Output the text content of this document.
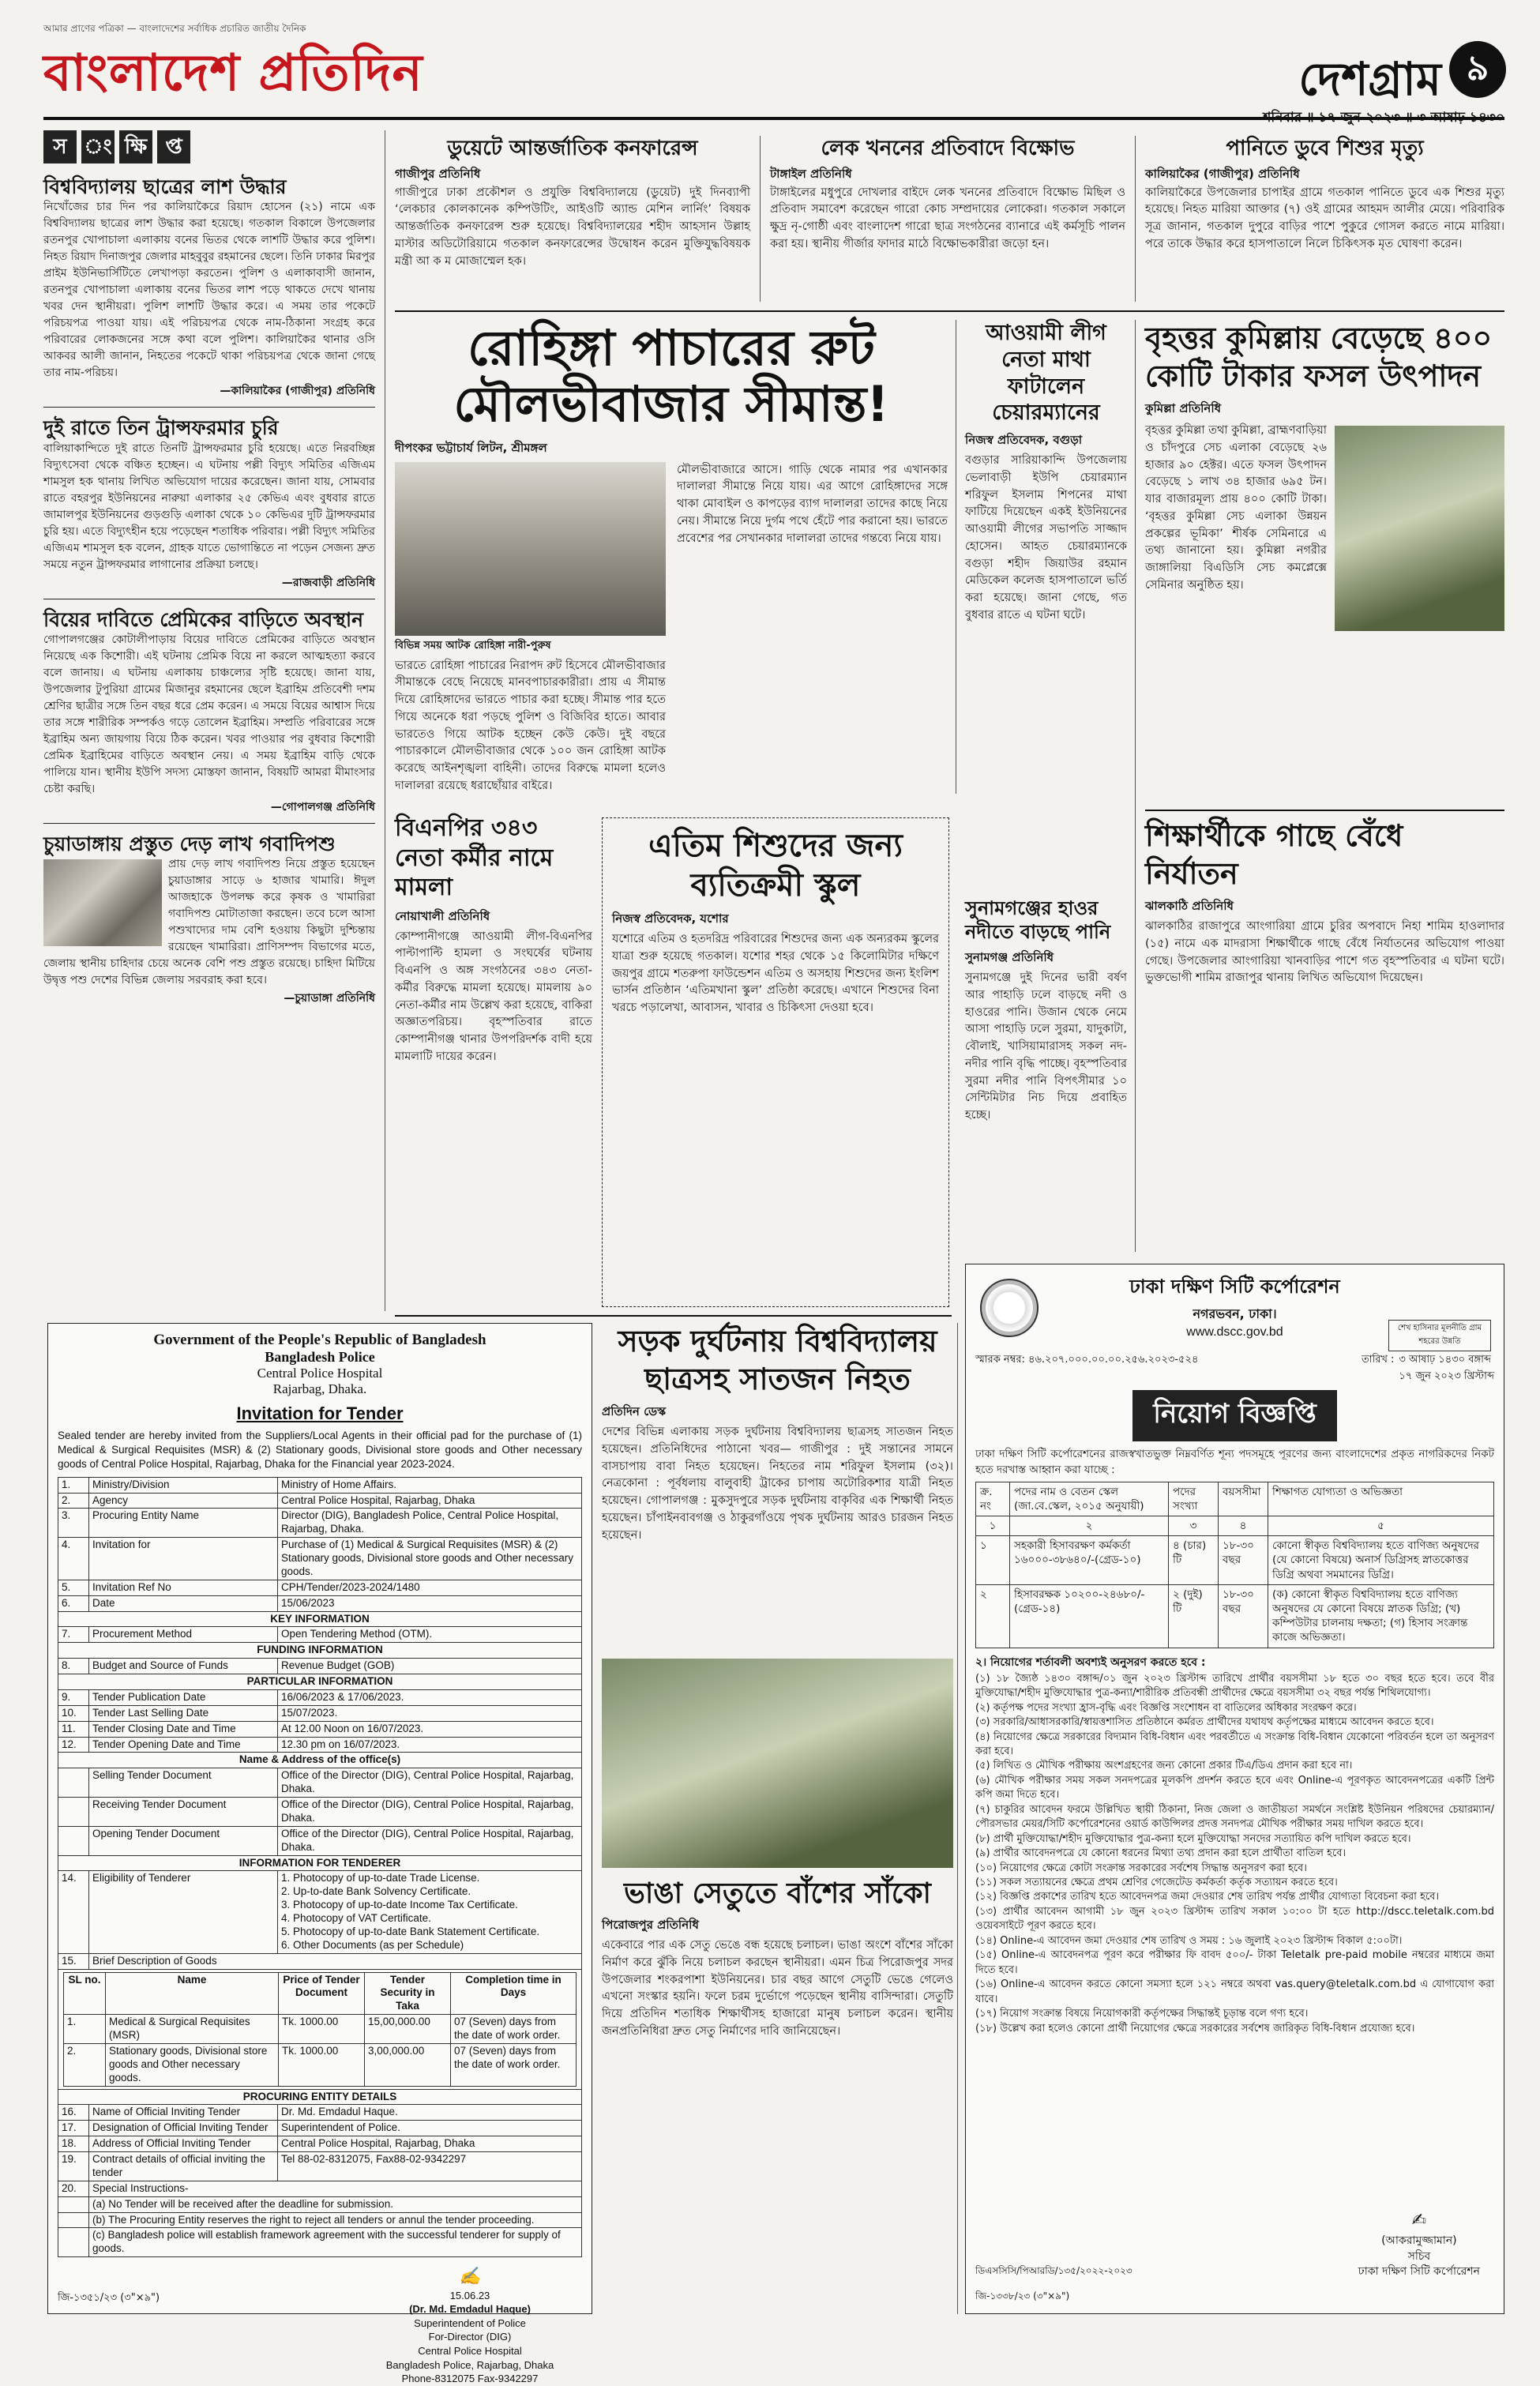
আমার প্রাণের পত্রিকা — বাংলাদেশের সর্বাধিক প্রচারিত জাতীয় দৈনিক
বাংলাদেশ প্রতিদিন	দেশগ্রাম ৯
স ং ক্ষি প্ত
বিশ্ববিদ্যালয় ছাত্রের লাশ উদ্ধার
নিখোঁজের চার দিন পর কালিয়াকৈরে রিয়াদ হোসেন (২১) নামে এক বিশ্ববিদ্যালয় ছাত্রের লাশ উদ্ধার করা হয়েছে। গতকাল বিকালে উপজেলার রতনপুর খোপাচালা এলাকায় বনের ভিতর থেকে লাশটি উদ্ধার করে পুলিশ। নিহত রিয়াদ দিনাজপুর জেলার মাহবুবুর রহমানের ছেলে। তিনি ঢাকার মিরপুর প্রাইম ইউনিভার্সিটিতে লেখাপড়া করতেন। পুলিশ ও এলাকাবাসী জানান, রতনপুর খোপাচালা এলাকায় বনের ভিতর লাশ পড়ে থাকতে দেখে থানায় খবর দেন স্থানীয়রা। পুলিশ লাশটি উদ্ধার করে। এ সময় তার পকেটে পরিচয়পত্র পাওয়া যায়। এই পরিচয়পত্র থেকে নাম-ঠিকানা সংগ্রহ করে পরিবারের লোকজনের সঙ্গে কথা বলে পুলিশ। কালিয়াকৈর থানার ওসি আকবর আলী জানান, নিহতের পকেটে থাকা পরিচয়পত্র থেকে জানা গেছে তার নাম-পরিচয়।
—কালিয়াকৈর (গাজীপুর) প্রতিনিধি
দুই রাতে তিন ট্রান্সফরমার চুরি
বালিয়াকান্দিতে দুই রাতে তিনটি ট্রান্সফরমার চুরি হয়েছে। এতে নিরবচ্ছিন্ন বিদ্যুৎসেবা থেকে বঞ্চিত হচ্ছেন। এ ঘটনায় পল্লী বিদ্যুৎ সমিতির এজিএম শামসুল হক থানায় লিখিত অভিযোগ দায়ের করেছেন। জানা যায়, সোমবার রাতে বহরপুর ইউনিয়নের নারুয়া এলাকার ২৫ কেভিএ এবং বুধবার রাতে জামালপুর ইউনিয়নের গুড়গুড়ি এলাকা থেকে ১০ কেভিএর দুটি ট্রান্সফরমার চুরি হয়। এতে বিদ্যুৎহীন হয়ে পড়েছেন শতাধিক পরিবার। পল্লী বিদ্যুৎ সমিতির এজিএম শামসুল হক বলেন, গ্রাহক যাতে ভোগান্তিতে না পড়েন সেজন্য দ্রুত সময়ে নতুন ট্রান্সফরমার লাগানোর প্রক্রিয়া চলছে।
—রাজবাড়ী প্রতিনিধি
বিয়ের দাবিতে প্রেমিকের বাড়িতে অবস্থান
গোপালগঞ্জের কোটালীপাড়ায় বিয়ের দাবিতে প্রেমিকের বাড়িতে অবস্থান নিয়েছে এক কিশোরী। এই ঘটনায় প্রেমিক বিয়ে না করলে আত্মহত্যা করবে বলে জানায়। এ ঘটনায় এলাকায় চাঞ্চল্যের সৃষ্টি হয়েছে। জানা যায়, উপজেলার টুপুরিয়া গ্রামের মিজানুর রহমানের ছেলে ইব্রাহিম প্রতিবেশী দশম শ্রেণির ছাত্রীর সঙ্গে তিন বছর ধরে প্রেম করেন। এ সময়ে বিয়ের আশ্বাস দিয়ে তার সঙ্গে শারীরিক সম্পর্কও গড়ে তোলেন ইব্রাহিম। সম্প্রতি পরিবারের সঙ্গে ইব্রাহিম অন্য জায়গায় বিয়ে ঠিক করেন। খবর পাওয়ার পর বুধবার কিশোরী প্রেমিক ইব্রাহিমের বাড়িতে অবস্থান নেয়। এ সময় ইব্রাহিম বাড়ি থেকে পালিয়ে যান। স্থানীয় ইউপি সদস্য মোস্তফা জানান, বিষয়টি আমরা মীমাংসার চেষ্টা করছি।
—গোপালগঞ্জ প্রতিনিধি
চুয়াডাঙ্গায় প্রস্তুত দেড় লাখ গবাদিপশু
প্রায় দেড় লাখ গবাদিপশু নিয়ে প্রস্তুত হয়েছেন চুয়াডাঙ্গার সাড়ে ৬ হাজার খামারি। ঈদুল আজহাকে উপলক্ষ করে কৃষক ও খামারিরা গবাদিপশু মোটাতাজা করছেন। তবে চলে আসা পশুখাদ্যের দাম বেশি হওয়ায় কিছুটা দুশ্চিন্তায় রয়েছেন খামারিরা। প্রাণিসম্পদ বিভাগের মতে, জেলায় স্থানীয় চাহিদার চেয়ে অনেক বেশি পশু প্রস্তুত রয়েছে। চাহিদা মিটিয়ে উদ্বৃত্ত পশু দেশের বিভিন্ন জেলায় সরবরাহ করা হবে।
—চুয়াডাঙ্গা প্রতিনিধি
ডুয়েটে আন্তর্জাতিক কনফারেন্স
গাজীপুর প্রতিনিধি
গাজীপুরে ঢাকা প্রকৌশল ও প্রযুক্তি বিশ্ববিদ্যালয়ে (ডুয়েট) দুই দিনব্যাপী ‘লেকচার কোলকানেক কম্পিউটিং, আইওটি অ্যান্ড মেশিন লার্নিং’ বিষয়ক আন্তর্জাতিক কনফারেন্স শুরু হয়েছে। বিশ্ববিদ্যালয়ের শহীদ আহসান উল্লাহ মাস্টার অডিটোরিয়ামে গতকাল কনফারেন্সের উদ্বোধন করেন মুক্তিযুদ্ধবিষয়ক মন্ত্রী আ ক ম মোজাম্মেল হক।
লেক খননের প্রতিবাদে বিক্ষোভ
টাঙ্গাইল প্রতিনিধি
টাঙ্গাইলের মধুপুরে দোখলার বাইদে লেক খননের প্রতিবাদে বিক্ষোভ মিছিল ও প্রতিবাদ সমাবেশ করেছেন গারো কোচ সম্প্রদায়ের লোকেরা। গতকাল সকালে ক্ষুদ্র নৃ-গোষ্ঠী এবং বাংলাদেশ গারো ছাত্র সংগঠনের ব্যানারে এই কর্মসূচি পালন করা হয়। স্থানীয় গীর্জার ফাদার মাঠে বিক্ষোভকারীরা জড়ো হন।
পানিতে ডুবে শিশুর মৃত্যু
কালিয়াকৈর (গাজীপুর) প্রতিনিধি
কালিয়াকৈরে উপজেলার চাপাইর গ্রামে গতকাল পানিতে ডুবে এক শিশুর মৃত্যু হয়েছে। নিহত মারিয়া আক্তার (৭) ওই গ্রামের আহমদ আলীর মেয়ে। পরিবারিক সূত্র জানান, গতকাল দুপুরে বাড়ির পাশে পুকুরে গোসল করতে নামে মারিয়া। পরে তাকে উদ্ধার করে হাসপাতালে নিলে চিকিৎসক মৃত ঘোষণা করেন।
রোহিঙ্গা পাচারের রুট
মৌলভীবাজার সীমান্ত!
দীপংকর ভট্টাচার্য লিটন, শ্রীমঙ্গল
বিভিন্ন সময় আটক রোহিঙ্গা নারী-পুরুষ
ভারতে রোহিঙ্গা পাচারের নিরাপদ রুট হিসেবে মৌলভীবাজার সীমান্তকে বেছে নিয়েছে মানবপাচারকারীরা। প্রায় এ সীমান্ত দিয়ে রোহিঙ্গাদের ভারতে পাচার করা হচ্ছে। সীমান্ত পার হতে গিয়ে অনেকে ধরা পড়ছে পুলিশ ও বিজিবির হাতে। আবার ভারতেও গিয়ে আটক হচ্ছেন কেউ কেউ। দুই বছরে পাচারকালে মৌলভীবাজার থেকে ১০০ জন রোহিঙ্গা আটক করেছে আইনশৃঙ্খলা বাহিনী। তাদের বিরুদ্ধে মামলা হলেও দালালরা রয়েছে ধরাছোঁয়ার বাইরে।
মৌলভীবাজারে আসে। গাড়ি থেকে নামার পর এখানকার দালালরা সীমান্তে নিয়ে যায়। এর আগে রোহিঙ্গাদের সঙ্গে থাকা মোবাইল ও কাপড়ের ব্যাগ দালালরা তাদের কাছে নিয়ে নেয়। সীমান্তে নিয়ে দুর্গম পথে হেঁটে পার করানো হয়। ভারতে প্রবেশের পর সেখানকার দালালরা তাদের গন্তব্যে নিয়ে যায়।
আওয়ামী লীগ নেতা মাথা ফাটালেন চেয়ারম্যানের
নিজস্ব প্রতিবেদক, বগুড়া
বগুড়ার সারিয়াকান্দি উপজেলায় ভেলাবাড়ী ইউপি চেয়ারম্যান শরিফুল ইসলাম শিপনের মাথা ফাটিয়ে দিয়েছেন একই ইউনিয়নের আওয়ামী লীগের সভাপতি সাজ্জাদ হোসেন। আহত চেয়ারম্যানকে বগুড়া শহীদ জিয়াউর রহমান মেডিকেল কলেজ হাসপাতালে ভর্তি করা হয়েছে। জানা গেছে, গত বুধবার রাতে এ ঘটনা ঘটে।
বৃহত্তর কুমিল্লায় বেড়েছে ৪০০ কোটি টাকার ফসল উৎপাদন
কুমিল্লা প্রতিনিধি
বৃহত্তর কুমিল্লা তথা কুমিল্লা, ব্রাহ্মণবাড়িয়া ও চাঁদপুরে সেচ এলাকা বেড়েছে ২৬ হাজার ৯০ হেক্টর। এতে ফসল উৎপাদন বেড়েছে ১ লাখ ৩৪ হাজার ৬৯৫ টন। যার বাজারমূল্য প্রায় ৪০০ কোটি টাকা। ‘বৃহত্তর কুমিল্লা সেচ এলাকা উন্নয়ন প্রকল্পের ভূমিকা’ শীর্ষক সেমিনারে এ তথ্য জানানো হয়। কুমিল্লা নগরীর জাঙ্গালিয়া বিএডিসি সেচ কমপ্লেক্সে সেমিনার অনুষ্ঠিত হয়।
বিএনপির ৩৪৩ নেতা কর্মীর নামে মামলা
নোয়াখালী প্রতিনিধি
কোম্পানীগঞ্জে আওয়ামী লীগ-বিএনপির পাল্টাপাল্টি হামলা ও সংঘর্ষের ঘটনায় বিএনপি ও অঙ্গ সংগঠনের ৩৪৩ নেতা-কর্মীর বিরুদ্ধে মামলা হয়েছে। মামলায় ৯০ নেতা-কর্মীর নাম উল্লেখ করা হয়েছে, বাকিরা অজ্ঞাতপরিচয়। বৃহস্পতিবার রাতে কোম্পানীগঞ্জ থানার উপপরিদর্শক বাদী হয়ে মামলাটি দায়ের করেন।
এতিম শিশুদের জন্য ব্যতিক্রমী স্কুল
নিজস্ব প্রতিবেদক, যশোর
যশোরে এতিম ও হতদরিদ্র পরিবারের শিশুদের জন্য এক অন্যরকম স্কুলের যাত্রা শুরু হয়েছে গতকাল। যশোর শহর থেকে ১৫ কিলোমিটার দক্ষিণে জয়পুর গ্রামে শতরুপা ফাউন্ডেশন এতিম ও অসহায় শিশুদের জন্য ইংলিশ ভার্সন প্রতিষ্ঠান ‘এতিমখানা স্কুল’ প্রতিষ্ঠা করেছে। এখানে শিশুদের বিনা খরচে পড়ালেখা, আবাসন, খাবার ও চিকিৎসা দেওয়া হবে।
সুনামগঞ্জের হাওর নদীতে বাড়ছে পানি
সুনামগঞ্জ প্রতিনিধি
সুনামগঞ্জে দুই দিনের ভারী বর্ষণ আর পাহাড়ি ঢলে বাড়ছে নদী ও হাওরের পানি। উজান থেকে নেমে আসা পাহাড়ি ঢলে সুরমা, যাদুকাটা, বৌলাই, খাসিয়ামারাসহ সকল নদ-নদীর পানি বৃদ্ধি পাচ্ছে। বৃহস্পতিবার সুরমা নদীর পানি বিপৎসীমার ১০ সেন্টিমিটার নিচ দিয়ে প্রবাহিত হচ্ছে।
শিক্ষার্থীকে গাছে বেঁধে নির্যাতন
ঝালকাঠি প্রতিনিধি
ঝালকাঠির রাজাপুরে আংগারিয়া গ্রামে চুরির অপবাদে নিহা শামিম হাওলাদার (১৫) নামে এক মাদরাসা শিক্ষার্থীকে গাছে বেঁধে নির্যাতনের অভিযোগ পাওয়া গেছে। উপজেলার আংগারিয়া খানবাড়ির পাশে গত বৃহস্পতিবার এ ঘটনা ঘটে। ভুক্তভোগী শামিম রাজাপুর থানায় লিখিত অভিযোগ দিয়েছেন।
Government of the People's Republic of Bangladesh
Bangladesh Police
Central Police Hospital
Rajarbag, Dhaka.
Invitation for Tender
Sealed tender are hereby invited from the Suppliers/Local Agents in their official pad for the purchase of (1) Medical & Surgical Requisites (MSR) & (2) Stationary goods, Divisional store goods and Other necessary goods of Central Police Hospital, Rajarbag, Dhaka for the Financial year 2023-2024.
1.	Ministry/Division	Ministry of Home Affairs.
2.	Agency	Central Police Hospital, Rajarbag, Dhaka
3.	Procuring Entity Name	Director (DIG), Bangladesh Police, Central Police Hospital, Rajarbag, Dhaka.
4.	Invitation for	Purchase of (1) Medical & Surgical Requisites (MSR) & (2) Stationary goods, Divisional store goods and Other necessary goods.
5.	Invitation Ref No	CPH/Tender/2023-2024/1480
6.	Date	15/06/2023
KEY INFORMATION
7.	Procurement Method	Open Tendering Method (OTM).
FUNDING INFORMATION
8.	Budget and Source of Funds	Revenue Budget (GOB)
PARTICULAR INFORMATION
9.	Tender Publication Date	16/06/2023 & 17/06/2023.
10.	Tender Last Selling Date	15/07/2023.
11.	Tender Closing Date and Time	At 12.00 Noon on 16/07/2023.
12.	Tender Opening Date and Time	12.30 pm on 16/07/2023.
Name & Address of the office(s)
	Selling Tender Document	Office of the Director (DIG), Central Police Hospital, Rajarbag, Dhaka.
	Receiving Tender Document	Office of the Director (DIG), Central Police Hospital, Rajarbag, Dhaka.
	Opening Tender Document	Office of the Director (DIG), Central Police Hospital, Rajarbag, Dhaka.
INFORMATION FOR TENDERER
14.	Eligibility of Tenderer	1. Photocopy of up-to-date Trade License.
2. Up-to-date Bank Solvency Certificate.
3. Photocopy of up-to-date Income Tax Certificate.
4. Photocopy of VAT Certificate.
5. Photocopy of up-to-date Bank Statement Certificate.
6. Other Documents (as per Schedule)

15.	Brief Description of Goods

SL no.	Name	Price of Tender Document	Tender Security in Taka	Completion time in Days
1.	Medical & Surgical Requisites (MSR)	Tk. 1000.00	15,00,000.00	07 (Seven) days from the date of work order.
2.	Stationary goods, Divisional store goods and Other necessary goods.	Tk. 1000.00	3,00,000.00	07 (Seven) days from the date of work order.

PROCURING ENTITY DETAILS
16.	Name of Official Inviting Tender	Dr. Md. Emdadul Haque.
17.	Designation of Official Inviting Tender	Superintendent of Police.
18.	Address of Official Inviting Tender	Central Police Hospital, Rajarbag, Dhaka
19.	Contract details of official inviting the tender	Tel 88-02-8312075, Fax88-02-9342297
20.	Special Instructions-
	(a) No Tender will be received after the deadline for submission.
	(b) The Procuring Entity reserves the right to reject all tenders or annul the tender proceeding.
	(c) Bangladesh police will establish framework agreement with the successful tenderer for supply of goods.
✍
15.06.23
(Dr. Md. Emdadul Haque)
Superintendent of Police
For-Director (DIG)
Central Police Hospital
Bangladesh Police, Rajarbag, Dhaka
Phone-8312075 Fax-9342297
জি-১৩৫১/২৩ (৩"×৯")
সড়ক দুর্ঘটনায় বিশ্ববিদ্যালয়
ছাত্রসহ সাতজন নিহত
প্রতিদিন ডেস্ক
দেশের বিভিন্ন এলাকায় সড়ক দুর্ঘটনায় বিশ্ববিদ্যালয় ছাত্রসহ সাতজন নিহত হয়েছেন। প্রতিনিধিদের পাঠানো খবর— গাজীপুর : দুই সন্তানের সামনে বাসচাপায় বাবা নিহত হয়েছেন। নিহতের নাম শরিফুল ইসলাম (৩২)। নেত্রকোনা : পূর্বধলায় বালুবাহী ট্রাকের চাপায় অটোরিকশার যাত্রী নিহত হয়েছেন। গোপালগঞ্জ : মুকসুদপুরে সড়ক দুর্ঘটনায় বাকৃবির এক শিক্ষার্থী নিহত হয়েছেন। চাঁপাইনবাবগঞ্জ ও ঠাকুরগাঁওয়ে পৃথক দুর্ঘটনায় আরও চারজন নিহত হয়েছেন।
ভাঙা সেতুতে বাঁশের সাঁকো
পিরোজপুর প্রতিনিধি
একেবারে পার এক সেতু ভেঙে বন্ধ হয়েছে চলাচল। ভাঙা অংশে বাঁশের সাঁকো নির্মাণ করে ঝুঁকি নিয়ে চলাচল করছেন স্থানীয়রা। এমন চিত্র পিরোজপুর সদর উপজেলার শংকরপাশা ইউনিয়নের। চার বছর আগে সেতুটি ভেঙে গেলেও এখনো সংস্কার হয়নি। ফলে চরম দুর্ভোগে পড়েছেন স্থানীয় বাসিন্দারা। সেতুটি দিয়ে প্রতিদিন শতাধিক শিক্ষার্থীসহ হাজারো মানুষ চলাচল করেন। স্থানীয় জনপ্রতিনিধিরা দ্রুত সেতু নির্মাণের দাবি জানিয়েছেন।
ঢাকা দক্ষিণ সিটি কর্পোরেশন
নগরভবন, ঢাকা।
www.dscc.gov.bd	শেখ হাসিনার মূলনীতি গ্রাম শহরের উন্নতি
স্মারক নম্বর: ৪৬.২০৭.০০০.০০.০০.২৫৬.২০২৩-৫২৪	তারিখ : ৩ আষাঢ় ১৪৩০ বঙ্গাব্দ
১৭ জুন ২০২৩ খ্রিস্টাব্দ
নিয়োগ বিজ্ঞপ্তি
ঢাকা দক্ষিণ সিটি কর্পোরেশনের রাজস্বখাতভুক্ত নিম্নবর্ণিত শূন্য পদসমূহে পূরণের জন্য বাংলাদেশের প্রকৃত নাগরিকদের নিকট হতে দরখাস্ত আহ্বান করা যাচ্ছে :
ক্র. নং	পদের নাম ও বেতন স্কেল (জা.বে.স্কেল, ২০১৫ অনুযায়ী)	পদের সংখ্যা	বয়সসীমা	শিক্ষাগত যোগ্যতা ও অভিজ্ঞতা
১	২	৩	৪	৫
১	সহকারী হিসাবরক্ষণ কর্মকর্তা ১৬০০০-৩৮৬৪০/-(গ্রেড-১০)	৪ (চার) টি	১৮-৩০ বছর	কোনো স্বীকৃত বিশ্ববিদ্যালয় হতে বাণিজ্য অনুষদের (যে কোনো বিষয়ে) অনার্স ডিগ্রিসহ স্নাতকোত্তর ডিগ্রি অথবা সমমানের ডিগ্রি।
২	হিসাবরক্ষক ১০২০০-২৪৬৮০/-(গ্রেড-১৪)	২ (দুই) টি	১৮-৩০ বছর	(ক) কোনো স্বীকৃত বিশ্ববিদ্যালয় হতে বাণিজ্য অনুষদের যে কোনো বিষয়ে স্নাতক ডিগ্রি; (খ) কম্পিউটার চালনায় দক্ষতা; (গ) হিসাব সংক্রান্ত কাজে অভিজ্ঞতা।
২। নিয়োগের শর্তাবলী অবশ্যই অনুসরণ করতে হবে :
(১) ১৮ জ্যৈষ্ঠ ১৪৩০ বঙ্গাব্দ/০১ জুন ২০২৩ খ্রিস্টাব্দ তারিখে প্রার্থীর বয়সসীমা ১৮ হতে ৩০ বছর হতে হবে। তবে বীর মুক্তিযোদ্ধা/শহীদ মুক্তিযোদ্ধার পুত্র-কন্যা/শারীরিক প্রতিবন্ধী প্রার্থীদের ক্ষেত্রে বয়সসীমা ৩২ বছর পর্যন্ত শিথিলযোগ্য।
(২) কর্তৃপক্ষ পদের সংখ্যা হ্রাস-বৃদ্ধি এবং বিজ্ঞপ্তি সংশোধন বা বাতিলের অধিকার সংরক্ষণ করে।
(৩) সরকারি/আধাসরকারি/স্বায়ত্তশাসিত প্রতিষ্ঠানে কর্মরত প্রার্থীদের যথাযথ কর্তৃপক্ষের মাধ্যমে আবেদন করতে হবে।
(৪) নিয়োগের ক্ষেত্রে সরকারের বিদ্যমান বিধি-বিধান এবং পরবর্তীতে এ সংক্রান্ত বিধি-বিধান যেকোনো পরিবর্তন হলে তা অনুসরণ করা হবে।
(৫) লিখিত ও মৌখিক পরীক্ষায় অংশগ্রহণের জন্য কোনো প্রকার টিএ/ডিএ প্রদান করা হবে না।
(৬) মৌখিক পরীক্ষার সময় সকল সনদপত্রের মূলকপি প্রদর্শন করতে হবে এবং Online-এ পূরণকৃত আবেদনপত্রের একটি প্রিন্ট কপি জমা দিতে হবে।
(৭) চাকুরির আবেদন ফরমে উল্লিখিত স্থায়ী ঠিকানা, নিজ জেলা ও জাতীয়তা সমর্থনে সংশ্লিষ্ট ইউনিয়ন পরিষদের চেয়ারম্যান/পৌরসভার মেয়র/সিটি কর্পোরেশনের ওয়ার্ড কাউন্সিলর প্রদত্ত সনদপত্র মৌখিক পরীক্ষার সময় দাখিল করতে হবে।
(৮) প্রার্থী মুক্তিযোদ্ধা/শহীদ মুক্তিযোদ্ধার পুত্র-কন্যা হলে মুক্তিযোদ্ধা সনদের সত্যায়িত কপি দাখিল করতে হবে।
(৯) প্রার্থীর আবেদনপত্রে যে কোনো ধরনের মিথ্যা তথ্য প্রদান করা হলে প্রার্থীতা বাতিল হবে।
(১০) নিয়োগের ক্ষেত্রে কোটা সংক্রান্ত সরকারের সর্বশেষ সিদ্ধান্ত অনুসরণ করা হবে।
(১১) সকল সত্যায়নের ক্ষেত্রে প্রথম শ্রেণির গেজেটেড কর্মকর্তা কর্তৃক সত্যায়ন করতে হবে।
(১২) বিজ্ঞপ্তি প্রকাশের তারিখ হতে আবেদনপত্র জমা দেওয়ার শেষ তারিখ পর্যন্ত প্রার্থীর যোগ্যতা বিবেচনা করা হবে।
(১৩) প্রার্থীর আবেদন আগামী ১৮ জুন ২০২৩ খ্রিস্টাব্দ তারিখ সকাল ১০:০০ টা হতে http://dscc.teletalk.com.bd ওয়েবসাইটে পূরণ করতে হবে।
(১৪) Online-এ আবেদন জমা দেওয়ার শেষ তারিখ ও সময় : ১৬ জুলাই ২০২৩ খ্রিস্টাব্দ বিকাল ৫:০০টা।
(১৫) Online-এ আবেদনপত্র পূরণ করে পরীক্ষার ফি বাবদ ৫০০/- টাকা Teletalk pre-paid mobile নম্বরের মাধ্যমে জমা দিতে হবে।
(১৬) Online-এ আবেদন করতে কোনো সমস্যা হলে ১২১ নম্বরে অথবা vas.query@teletalk.com.bd এ যোগাযোগ করা যাবে।
(১৭) নিয়োগ সংক্রান্ত বিষয়ে নিয়োগকারী কর্তৃপক্ষের সিদ্ধান্তই চূড়ান্ত বলে গণ্য হবে।
(১৮) উল্লেখ করা হলেও কোনো প্রার্থী নিয়োগের ক্ষেত্রে সরকারের সর্বশেষ জারিকৃত বিধি-বিধান প্রযোজ্য হবে।
✍
(আকরামুজ্জামান)
সচিব
ঢাকা দক্ষিণ সিটি কর্পোরেশন
ডিএসসিসি/পিআরডি/১৩৫/২০২২-২০২৩
জি-১৩৩৮/২৩ (৩"×৯")
